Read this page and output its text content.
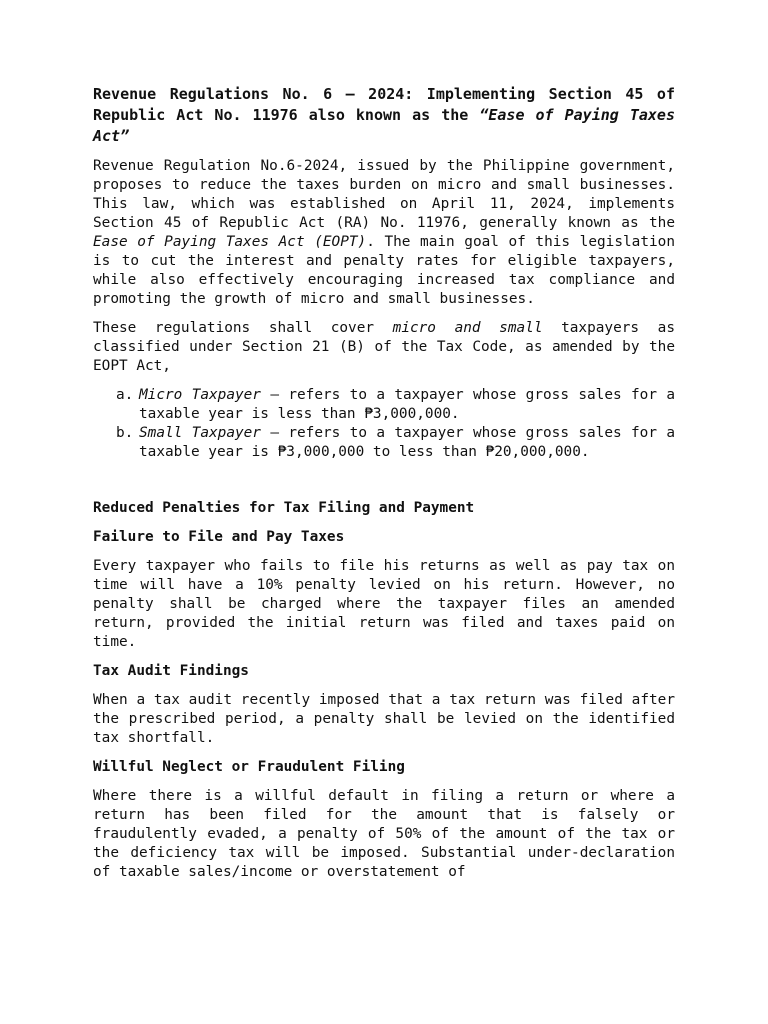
Revenue Regulations No. 6 – 2024: Implementing Section 45 of Republic Act No. 11976 also known as the “Ease of Paying Taxes Act”

Revenue Regulation No.6-2024, issued by the Philippine government, proposes to reduce the taxes burden on micro and small businesses. This law, which was established on April 11, 2024, implements Section 45 of Republic Act (RA) No. 11976, generally known as the Ease of Paying Taxes Act (EOPT). The main goal of this legislation is to cut the interest and penalty rates for eligible taxpayers, while also effectively encouraging increased tax compliance and promoting the growth of micro and small businesses.

These regulations shall cover micro and small taxpayers as classified under Section 21 (B) of the Tax Code, as amended by the EOPT Act,

a. Micro Taxpayer – refers to a taxpayer whose gross sales for a taxable year is less than ₱3,000,000.
b. Small Taxpayer – refers to a taxpayer whose gross sales for a taxable year is ₱3,000,000 to less than ₱20,000,000.
Reduced Penalties for Tax Filing and Payment
Failure to File and Pay Taxes

Every taxpayer who fails to file his returns as well as pay tax on time will have a 10% penalty levied on his return. However, no penalty shall be charged where the taxpayer files an amended return, provided the initial return was filed and taxes paid on time.

Tax Audit Findings

When a tax audit recently imposed that a tax return was filed after the prescribed period, a penalty shall be levied on the identified tax shortfall.

Willful Neglect or Fraudulent Filing

Where there is a willful default in filing a return or where a return has been filed for the amount that is falsely or fraudulently evaded, a penalty of 50% of the amount of the tax or the deficiency tax will be imposed. Substantial under-declaration of taxable sales/income or overstatement of
